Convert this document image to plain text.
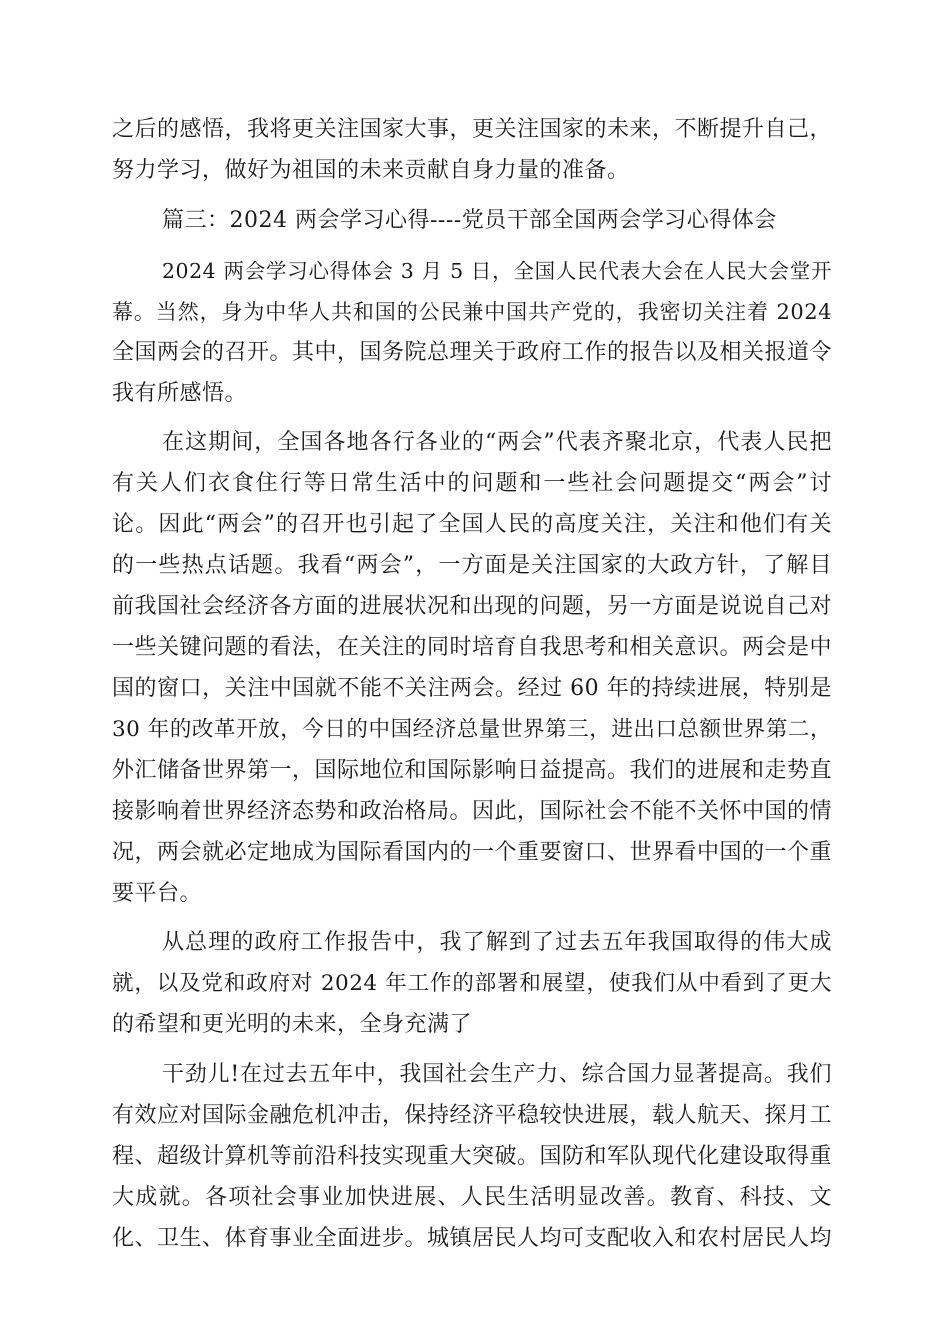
之后的感悟，我将更关注国家大事，更关注国家的未来，不断提升自己，
努力学习，做好为祖国的未来贡献自身力量的准备。
篇三：2024 两会学习心得----党员干部全国两会学习心得体会
2024 两会学习心得体会 3 月 5 日，全国人民代表大会在人民大会堂开
幕。当然，身为中华人共和国的公民兼中国共产党的，我密切关注着 2024
全国两会的召开。其中，国务院总理关于政府工作的报告以及相关报道令
我有所感悟。
在这期间，全国各地各行各业的“两会”代表齐聚北京，代表人民把
有关人们衣食住行等日常生活中的问题和一些社会问题提交“两会”讨
论。因此“两会”的召开也引起了全国人民的高度关注，关注和他们有关
的一些热点话题。我看“两会”，一方面是关注国家的大政方针，了解目
前我国社会经济各方面的进展状况和出现的问题，另一方面是说说自己对
一些关键问题的看法，在关注的同时培育自我思考和相关意识。两会是中
国的窗口，关注中国就不能不关注两会。经过 60 年的持续进展，特别是
30 年的改革开放，今日的中国经济总量世界第三，进出口总额世界第二，
外汇储备世界第一，国际地位和国际影响日益提高。我们的进展和走势直
接影响着世界经济态势和政治格局。因此，国际社会不能不关怀中国的情
况，两会就必定地成为国际看国内的一个重要窗口、世界看中国的一个重
要平台。
从总理的政府工作报告中，我了解到了过去五年我国取得的伟大成
就，以及党和政府对 2024 年工作的部署和展望，使我们从中看到了更大
的希望和更光明的未来，全身充满了
干劲儿!在过去五年中，我国社会生产力、综合国力显著提高。我们
有效应对国际金融危机冲击，保持经济平稳较快进展，载人航天、探月工
程、超级计算机等前沿科技实现重大突破。国防和军队现代化建设取得重
大成就。各项社会事业加快进展、人民生活明显改善。教育、科技、文
化、卫生、体育事业全面进步。城镇居民人均可支配收入和农村居民人均
